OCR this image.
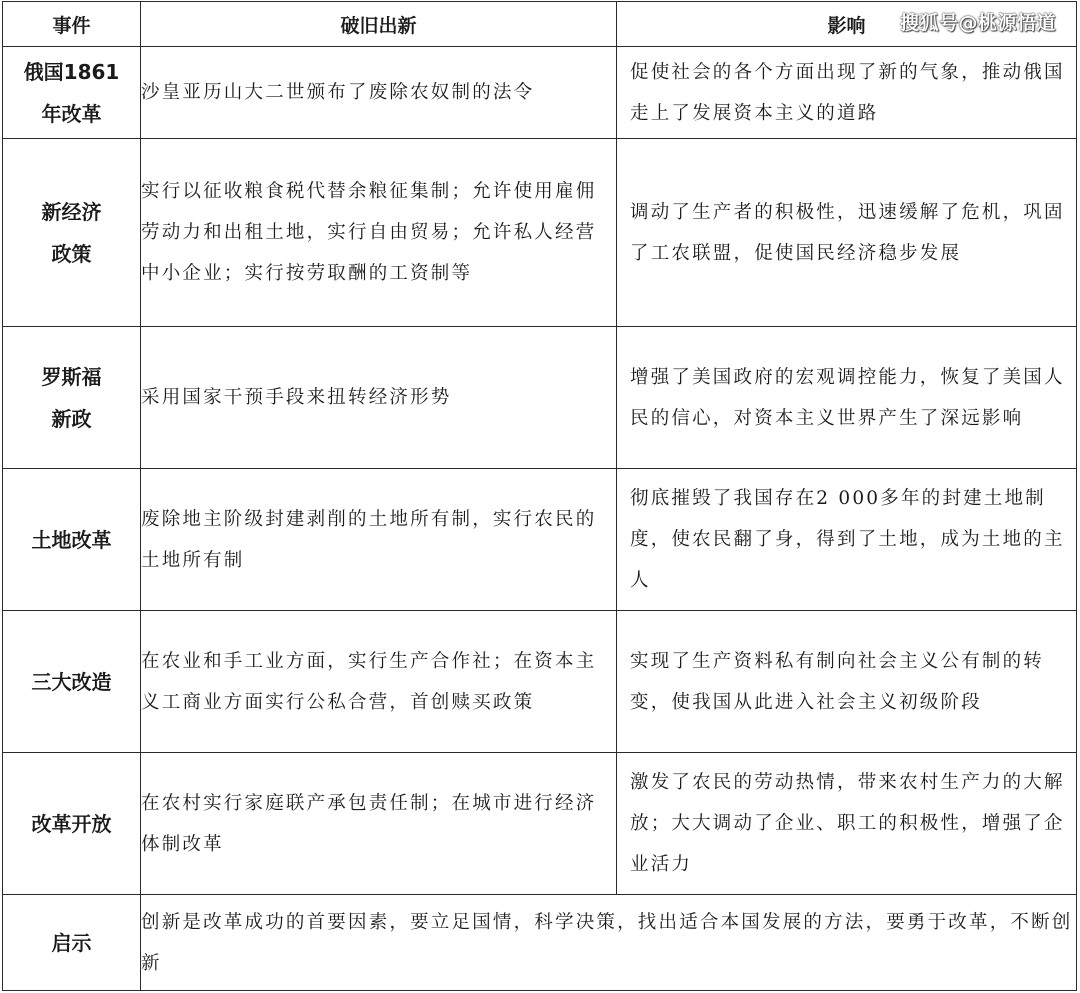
事件	破旧出新	影响
俄国1861年改革	沙皇亚历山大二世颁布了废除农奴制的法令	促使社会的各个方面出现了新的气象，推动俄国走上了发展资本主义的道路
新经济政策	实行以征收粮食税代替余粮征集制；允许使用雇佣劳动力和出租土地，实行自由贸易；允许私人经营中小企业；实行按劳取酬的工资制等	调动了生产者的积极性，迅速缓解了危机，巩固了工农联盟，促使国民经济稳步发展
罗斯福新政	采用国家干预手段来扭转经济形势	增强了美国政府的宏观调控能力，恢复了美国人民的信心，对资本主义世界产生了深远影响
土地改革	废除地主阶级封建剥削的土地所有制，实行农民的土地所有制	彻底摧毁了我国存在2 000多年的封建土地制度，使农民翻了身，得到了土地，成为土地的主人
三大改造	在农业和手工业方面，实行生产合作社；在资本主义工商业方面实行公私合营，首创赎买政策	实现了生产资料私有制向社会主义公有制的转变，使我国从此进入社会主义初级阶段
改革开放	在农村实行家庭联产承包责任制；在城市进行经济体制改革	激发了农民的劳动热情，带来农村生产力的大解放；大大调动了企业、职工的积极性，增强了企业活力
启示	创新是改革成功的首要因素，要立足国情，科学决策，找出适合本国发展的方法，要勇于改革，不断创新	
搜狐号@桃源悟道
